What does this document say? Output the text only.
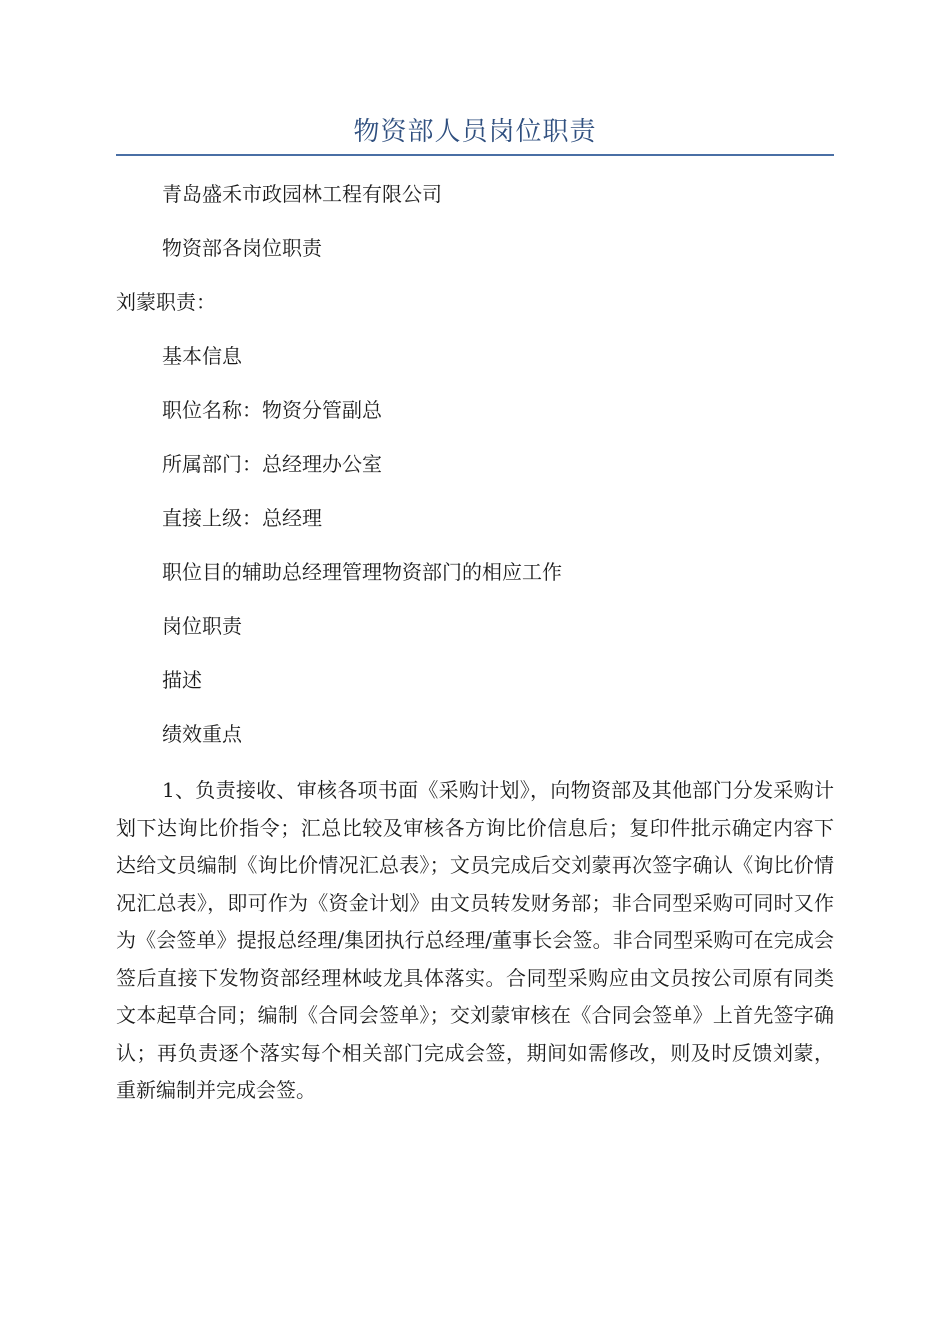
物资部人员岗位职责
青岛盛禾市政园林工程有限公司
物资部各岗位职责
刘蒙职责：
基本信息
职位名称：物资分管副总
所属部门：总经理办公室
直接上级：总经理
职位目的辅助总经理管理物资部门的相应工作
岗位职责
描述
绩效重点
1、负责接收、审核各项书面《采购计划》，向物资部及其他部门分发采购计划下达询比价指令；汇总比较及审核各方询比价信息后；复印件批示确定内容下达给文员编制《询比价情况汇总表》；文员完成后交刘蒙再次签字确认《询比价情况汇总表》，即可作为《资金计划》由文员转发财务部；非合同型采购可同时又作为《会签单》提报总经理/集团执行总经理/董事长会签。非合同型采购可在完成会签后直接下发物资部经理林岐龙具体落实。合同型采购应由文员按公司原有同类文本起草合同；编制《合同会签单》；交刘蒙审核在《合同会签单》上首先签字确认；再负责逐个落实每个相关部门完成会签，期间如需修改，则及时反馈刘蒙，重新编制并完成会签。
